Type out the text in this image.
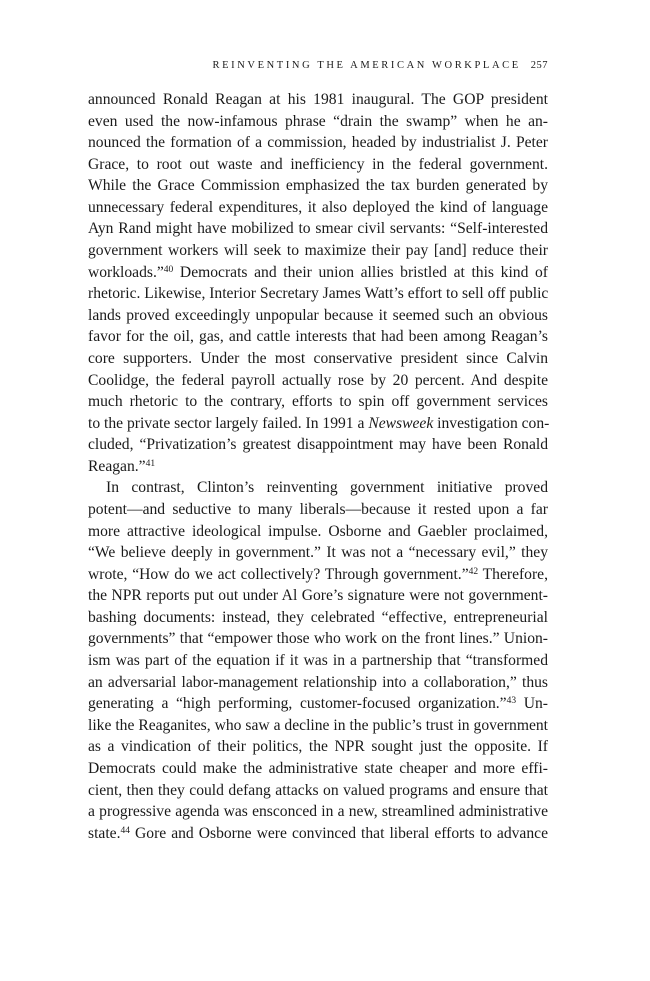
REINVENTING THE AMERICAN WORKPLACE 257
announced Ronald Reagan at his 1981 inaugural. The GOP president
even used the now-infamous phrase “drain the swamp” when he an-
nounced the formation of a commission, headed by industrialist J. Peter
Grace, to root out waste and inefficiency in the federal government.
While the Grace Commission emphasized the tax burden generated by
unnecessary federal expenditures, it also deployed the kind of language
Ayn Rand might have mobilized to smear civil servants: “Self-interested
government workers will seek to maximize their pay [and] reduce their
workloads.”$^{40}$ Democrats and their union allies bristled at this kind of
rhetoric. Likewise, Interior Secretary James Watt’s effort to sell off public
lands proved exceedingly unpopular because it seemed such an obvious
favor for the oil, gas, and cattle interests that had been among Reagan’s
core supporters. Under the most conservative president since Calvin
Coolidge, the federal payroll actually rose by 20 percent. And despite
much rhetoric to the contrary, efforts to spin off government services
to the private sector largely failed. In 1991 a Newsweek investigation con-
cluded, “Privatization’s greatest disappointment may have been Ronald
Reagan.”$^{41}$
In contrast, Clinton’s reinventing government initiative proved
potent—and seductive to many liberals—because it rested upon a far
more attractive ideological impulse. Osborne and Gaebler proclaimed,
“We believe deeply in government.” It was not a “necessary evil,” they
wrote, “How do we act collectively? Through government.”$^{42}$ Therefore,
the NPR reports put out under Al Gore’s signature were not government-
bashing documents: instead, they celebrated “effective, entrepreneurial
governments” that “empower those who work on the front lines.” Union-
ism was part of the equation if it was in a partnership that “transformed
an adversarial labor-management relationship into a collaboration,” thus
generating a “high performing, customer-focused organization.”$^{43}$ Un-
like the Reaganites, who saw a decline in the public’s trust in government
as a vindication of their politics, the NPR sought just the opposite. If
Democrats could make the administrative state cheaper and more effi-
cient, then they could defang attacks on valued programs and ensure that
a progressive agenda was ensconced in a new, streamlined administrative
state.$^{44}$ Gore and Osborne were convinced that liberal efforts to advance
